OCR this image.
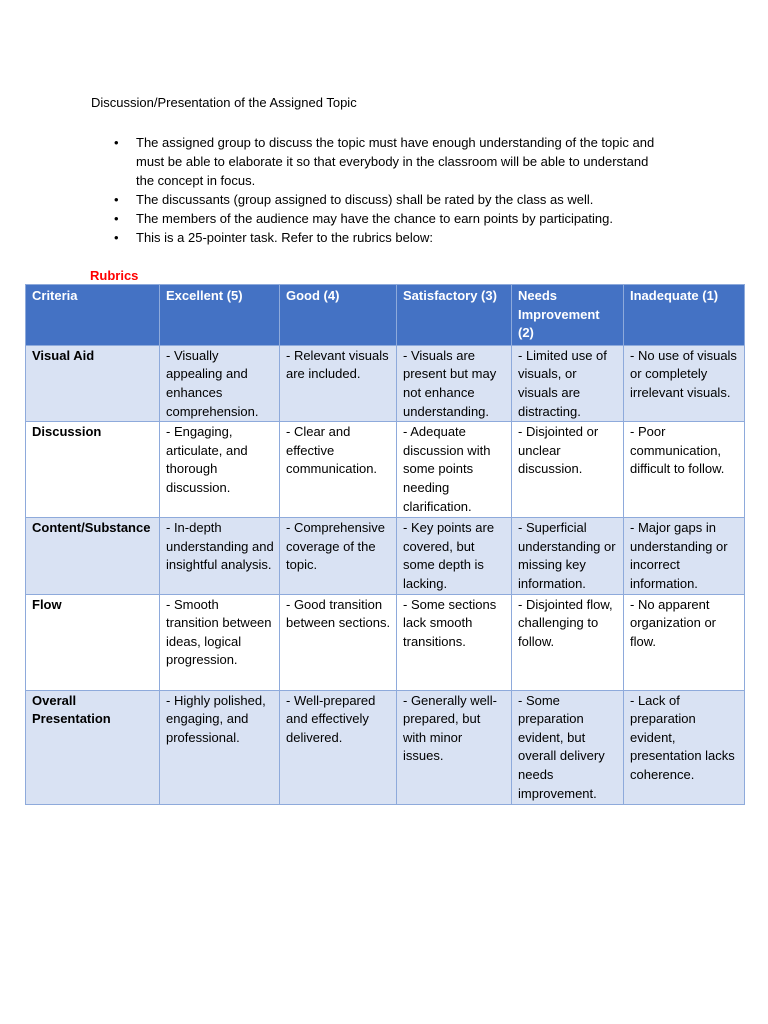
Discussion/Presentation of the Assigned Topic
• The assigned group to discuss the topic must have enough understanding of the topic and must be able to elaborate it so that everybody in the classroom will be able to understand the concept in focus.
• The discussants (group assigned to discuss) shall be rated by the class as well.
• The members of the audience may have the chance to earn points by participating.
• This is a 25-pointer task. Refer to the rubrics below:
Rubrics
Criteria	Excellent (5)	Good (4)	Satisfactory (3)	Needs Improvement (2)	Inadequate (1)
Visual Aid	- Visually appealing and enhances comprehension.	- Relevant visuals are included.	- Visuals are present but may not enhance understanding.	- Limited use of visuals, or visuals are distracting.	- No use of visuals or completely irrelevant visuals.
Discussion	- Engaging, articulate, and thorough discussion.	- Clear and effective communication.	- Adequate discussion with some points needing clarification.	- Disjointed or unclear discussion.	- Poor communication, difficult to follow.
Content/Substance	- In-depth understanding and insightful analysis.	- Comprehensive coverage of the topic.	- Key points are covered, but some depth is lacking.	- Superficial understanding or missing key information.	- Major gaps in understanding or incorrect information.
Flow	- Smooth transition between ideas, logical progression.	- Good transition between sections.	- Some sections lack smooth transitions.	- Disjointed flow, challenging to follow.	- No apparent organization or flow.
Overall Presentation	- Highly polished, engaging, and professional.	- Well-prepared and effectively delivered.	- Generally well-prepared, but with minor issues.	- Some preparation evident, but overall delivery needs improvement.	- Lack of preparation evident, presentation lacks coherence.
